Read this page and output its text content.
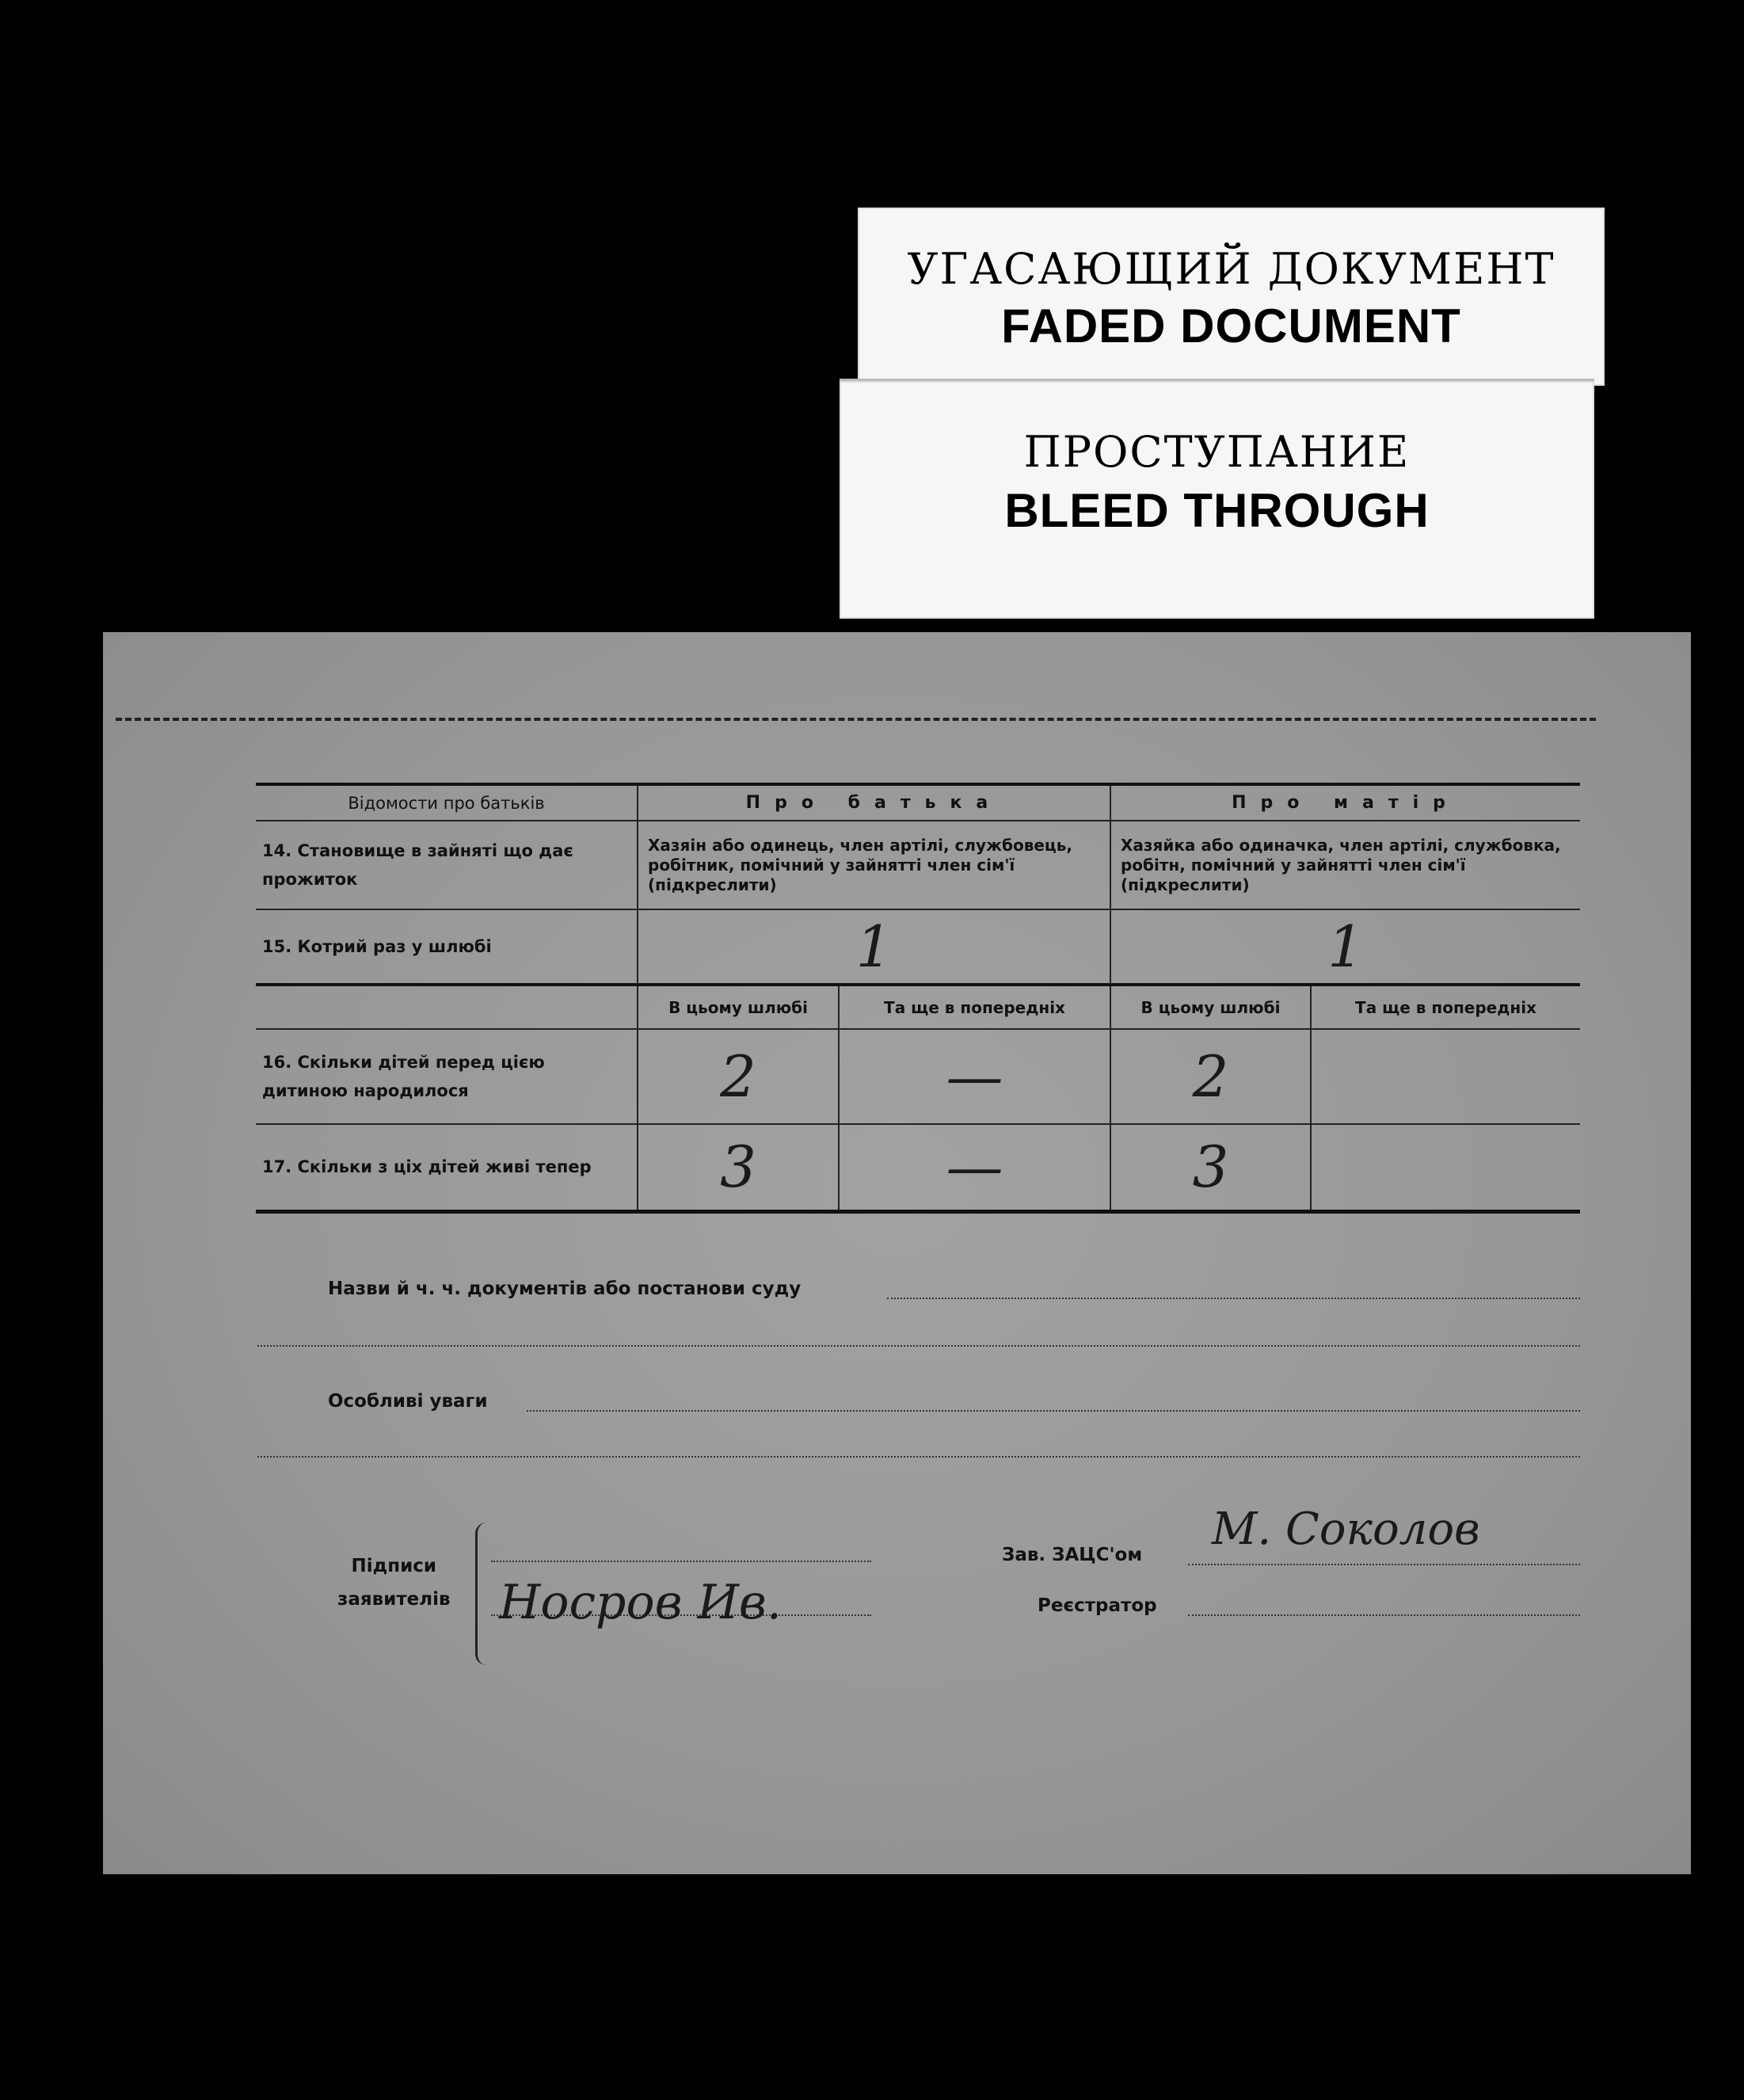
УГАСАЮЩИЙ ДОКУМЕНТ
FADED DOCUMENT
ПРОСТУПАНИЕ
BLEED THROUGH
Відомости про батьків	Про батька		Про матір	
14. Становище в зайняті що дає прожиток	Хазяін або одинець, член артілі, службовець, робітник, помічний у зайнятті член сім'ї (підкреслити)		Хазяйка або одиначка, член артілі, службовка, робітн, помічний у зайнятті член сім'ї (підкреслити)	
15. Котрий раз у шлюбі	1		1	
	В цьому шлюбі	Та ще в попередніх	В цьому шлюбі	Та ще в попередніх
16. Скільки дітей перед цією дитиною народилося	2	—	2	
17. Скільки з ціх дітей живі тепер	3	—	3	
Назви й ч. ч. документів або постанови суду
Особливі уваги
Підписи
заявителів Носров Ив.
Зав. ЗАЦС'ом М. Соколов
Реєстратор
